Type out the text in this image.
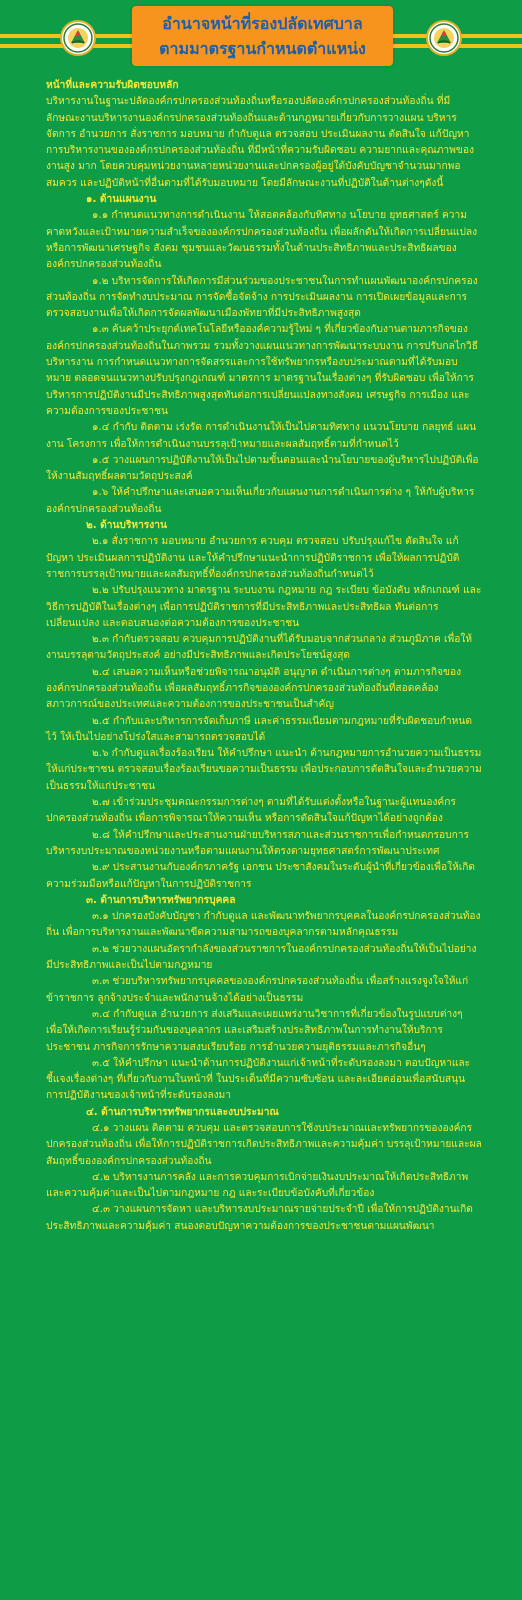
อำนาจหน้าที่รองปลัดเทศบาล
ตามมาตรฐานกำหนดตำแหน่ง

หน้าที่และความรับผิดชอบหลัก

บริหารงานในฐานะปลัดองค์กรปกครองส่วนท้องถิ่นหรือรองปลัดองค์กรปกครองส่วนท้องถิ่น ที่มีลักษณะงานบริหารงานองค์กรปกครองส่วนท้องถิ่นและด้านกฎหมายเกี่ยวกับการวางแผน บริหารจัดการ อำนวยการ สั่งราชการ มอบหมาย กำกับดูแล ตรวจสอบ ประเมินผลงาน ตัดสินใจ แก้ปัญหาการบริหารงานขององค์กรปกครองส่วนท้องถิ่น ที่มีหน้าที่ความรับผิดชอบ ความยากและคุณภาพของงานสูง มาก โดยควบคุมหน่วยงานหลายหน่วยงานและปกครองผู้อยู่ใต้บังคับบัญชาจำนวนมากพอสมควร และปฏิบัติหน้าที่อื่นตามที่ได้รับมอบหมาย โดยมีลักษณะงานที่ปฏิบัติในด้านต่างๆดังนี้

๑. ด้านแผนงาน

๑.๑ กำหนดแนวทางการดำเนินงาน ให้สอดคล้องกับทิศทาง นโยบาย ยุทธศาสตร์ ความคาดหวังและเป้าหมายความสำเร็จขององค์กรปกครองส่วนท้องถิ่น เพื่อผลักดันให้เกิดการเปลี่ยนแปลงหรือการพัฒนาเศรษฐกิจ สังคม ชุมชนและวัฒนธรรมทั้งในด้านประสิทธิภาพและประสิทธิผลของ องค์กรปกครองส่วนท้องถิ่น

๑.๒ บริหารจัดการให้เกิดการมีส่วนร่วมของประชาชนในการทำแผนพัฒนาองค์กรปกครองส่วนท้องถิ่น การจัดทำงบประมาณ การจัดซื้อจัดจ้าง การประเมินผลงาน การเปิดเผยข้อมูลและการตรวจสอบงานเพื่อให้เกิดการจัดผลพัฒนาเมืองพัทยาที่มีประสิทธิภาพสูงสุด

๑.๓ ค้นคว้าประยุกต์เทคโนโลยีหรือองค์ความรู้ใหม่ ๆ ที่เกี่ยวข้องกับงานตามภารกิจของ องค์กรปกครองส่วนท้องถิ่นในภาพรวม รวมทั้งวางแผนแนวทางการพัฒนาระบบงาน การปรับกลไกวิธีบริหารงาน การกำหนดแนวทางการจัดสรรและการใช้ทรัพยากรหรืองบประมาณตามที่ได้รับมอบหมาย ตลอดจนแนวทางปรับปรุงกฎเกณฑ์ มาตรการ มาตรฐานในเรื่องต่างๆ ที่รับผิดชอบ เพื่อให้การบริหารการปฏิบัติงานมีประสิทธิภาพสูงสุดทันต่อการเปลี่ยนแปลงทางสังคม เศรษฐกิจ การเมือง และความต้องการของประชาชน

๑.๔ กำกับ ติดตาม เร่งรัด การดำเนินงานให้เป็นไปตามทิศทาง แนวนโยบาย กลยุทธ์ แผนงาน โครงการ เพื่อให้การดำเนินงานบรรลุเป้าหมายและผลสัมฤทธิ์ตามที่กำหนดไว้

๑.๕ วางแผนการปฏิบัติงานให้เป็นไปตามขั้นตอนและนำนโยบายของผู้บริหารไปปฏิบัติเพื่อให้งานสัมฤทธิ์ผลตามวัตถุประสงค์

๑.๖ ให้คำปรึกษาและเสนอความเห็นเกี่ยวกับแผนงานการดำเนินการต่าง ๆ ให้กับผู้บริหารองค์กรปกครองส่วนท้องถิ่น

๒. ด้านบริหารงาน

๒.๑ สั่งราชการ มอบหมาย อำนวยการ ควบคุม ตรวจสอบ ปรับปรุงแก้ไข ตัดสินใจ แก้ปัญหา ประเมินผลการปฏิบัติงาน และให้คำปรึกษาแนะนำการปฏิบัติราชการ เพื่อให้ผลการปฏิบัติราชการบรรลุเป้าหมายและผลสัมฤทธิ์ที่องค์กรปกครองส่วนท้องถิ่นกำหนดไว้

๒.๒ ปรับปรุงแนวทาง มาตรฐาน ระบบงาน กฎหมาย กฎ ระเบียบ ข้อบังคับ หลักเกณฑ์ และวิธีการปฏิบัติในเรื่องต่างๆ เพื่อการปฏิบัติราชการที่มีประสิทธิภาพและประสิทธิผล ทันต่อการเปลี่ยนแปลง และตอบสนองต่อความต้องการของประชาชน

๒.๓ กำกับตรวจสอบ ควบคุมการปฏิบัติงานที่ได้รับมอบจากส่วนกลาง ส่วนภูมิภาค เพื่อให้งานบรรลุตามวัตถุประสงค์ อย่างมีประสิทธิภาพและเกิดประโยชน์สูงสุด

๒.๔ เสนอความเห็นหรือช่วยพิจารณาอนุมัติ อนุญาต ดำเนินการต่างๆ ตามภารกิจขององค์กรปกครองส่วนท้องถิ่น เพื่อผลสัมฤทธิ์ภารกิจขององค์กรปกครองส่วนท้องถิ่นที่สอดคล้องสภาวการณ์ของประเทศและความต้องการของประชาชนเป็นสำคัญ

๒.๕ กำกับและบริหารการจัดเก็บภาษี และค่าธรรมเนียมตามกฎหมายที่รับผิดชอบกำหนดไว้ ให้เป็นไปอย่างโปร่งใสและสามารถตรวจสอบได้

๒.๖ กำกับดูแลเรื่องร้องเรียน ให้คำปรึกษา แนะนำ ด้านกฎหมายการอำนวยความเป็นธรรมให้แก่ประชาชน ตรวจสอบเรื่องร้องเรียนขอความเป็นธรรม เพื่อประกอบการตัดสินใจและอำนวยความเป็นธรรมให้แก่ประชาชน

๒.๗ เข้าร่วมประชุมคณะกรรมการต่างๆ ตามที่ได้รับแต่งตั้งหรือในฐานะผู้แทนองค์กรปกครองส่วนท้องถิ่น เพื่อการพิจารณาให้ความเห็น หรือการตัดสินใจแก้ปัญหาได้อย่างถูกต้อง

๒.๘ ให้คำปรึกษาและประสานงานฝ่ายบริหารสภาและส่วนราชการเพื่อกำหนดกรอบการบริหารงบประมาณของหน่วยงานหรือตามแผนงานให้ตรงตามยุทธศาสตร์การพัฒนาประเทศ

๒.๙ ประสานงานกับองค์กรภาครัฐ เอกชน ประชาสังคมในระดับผู้นำที่เกี่ยวข้องเพื่อให้เกิดความร่วมมือหรือแก้ปัญหาในการปฏิบัติราชการ

๓. ด้านการบริหารทรัพยากรบุคคล

๓.๑ ปกครองบังคับบัญชา กำกับดูแล และพัฒนาทรัพยากรบุคคลในองค์กรปกครองส่วนท้องถิ่น เพื่อการบริหารงานและพัฒนาขีดความสามารถของบุคลากรตามหลักคุณธรรม

๓.๒ ช่วยวางแผนอัตรากำลังของส่วนราชการในองค์กรปกครองส่วนท้องถิ่นให้เป็นไปอย่างมีประสิทธิภาพและเป็นไปตามกฎหมาย

๓.๓ ช่วยบริหารทรัพยากรบุคคลขององค์กรปกครองส่วนท้องถิ่น เพื่อสร้างแรงจูงใจให้แก่ข้าราชการ ลูกจ้างประจำและพนักงานจ้างได้อย่างเป็นธรรม

๓.๔ กำกับดูแล อำนวยการ ส่งเสริมและเผยแพร่งานวิชาการที่เกี่ยวข้องในรูปแบบต่างๆ เพื่อให้เกิดการเรียนรู้ร่วมกันของบุคลากร และเสริมสร้างประสิทธิภาพในการทำงานให้บริการประชาชน ภารกิจการรักษาความสงบเรียบร้อย การอำนวยความยุติธรรมและภารกิจอื่นๆ

๓.๕ ให้คำปรึกษา แนะนำด้านการปฏิบัติงานแก่เจ้าหน้าที่ระดับรองลงมา ตอบปัญหาและชี้แจงเรื่องต่างๆ ที่เกี่ยวกับงานในหน้าที่ ในประเด็นที่มีความซับซ้อน และละเอียดอ่อนเพื่อสนับสนุนการปฏิบัติงานของเจ้าหน้าที่ระดับรองลงมา

๔. ด้านการบริหารทรัพยากรและงบประมาณ

๔.๑ วางแผน ติดตาม ควบคุม และตรวจสอบการใช้งบประมาณและทรัพยากรขององค์กรปกครองส่วนท้องถิ่น เพื่อให้การปฏิบัติราชการเกิดประสิทธิภาพและความคุ้มค่า บรรลุเป้าหมายและผลสัมฤทธิ์ขององค์กรปกครองส่วนท้องถิ่น

๔.๒ บริหารงานการคลัง และการควบคุมการเบิกจ่ายเงินงบประมาณให้เกิดประสิทธิภาพและความคุ้มค่าและเป็นไปตามกฎหมาย กฎ และระเบียบข้อบังคับที่เกี่ยวข้อง

๔.๓ วางแผนการจัดหา และบริหารงบประมาณรายจ่ายประจำปี เพื่อให้การปฏิบัติงานเกิดประสิทธิภาพและความคุ้มค่า สนองตอบปัญหาความต้องการของประชาชนตามแผนพัฒนา
